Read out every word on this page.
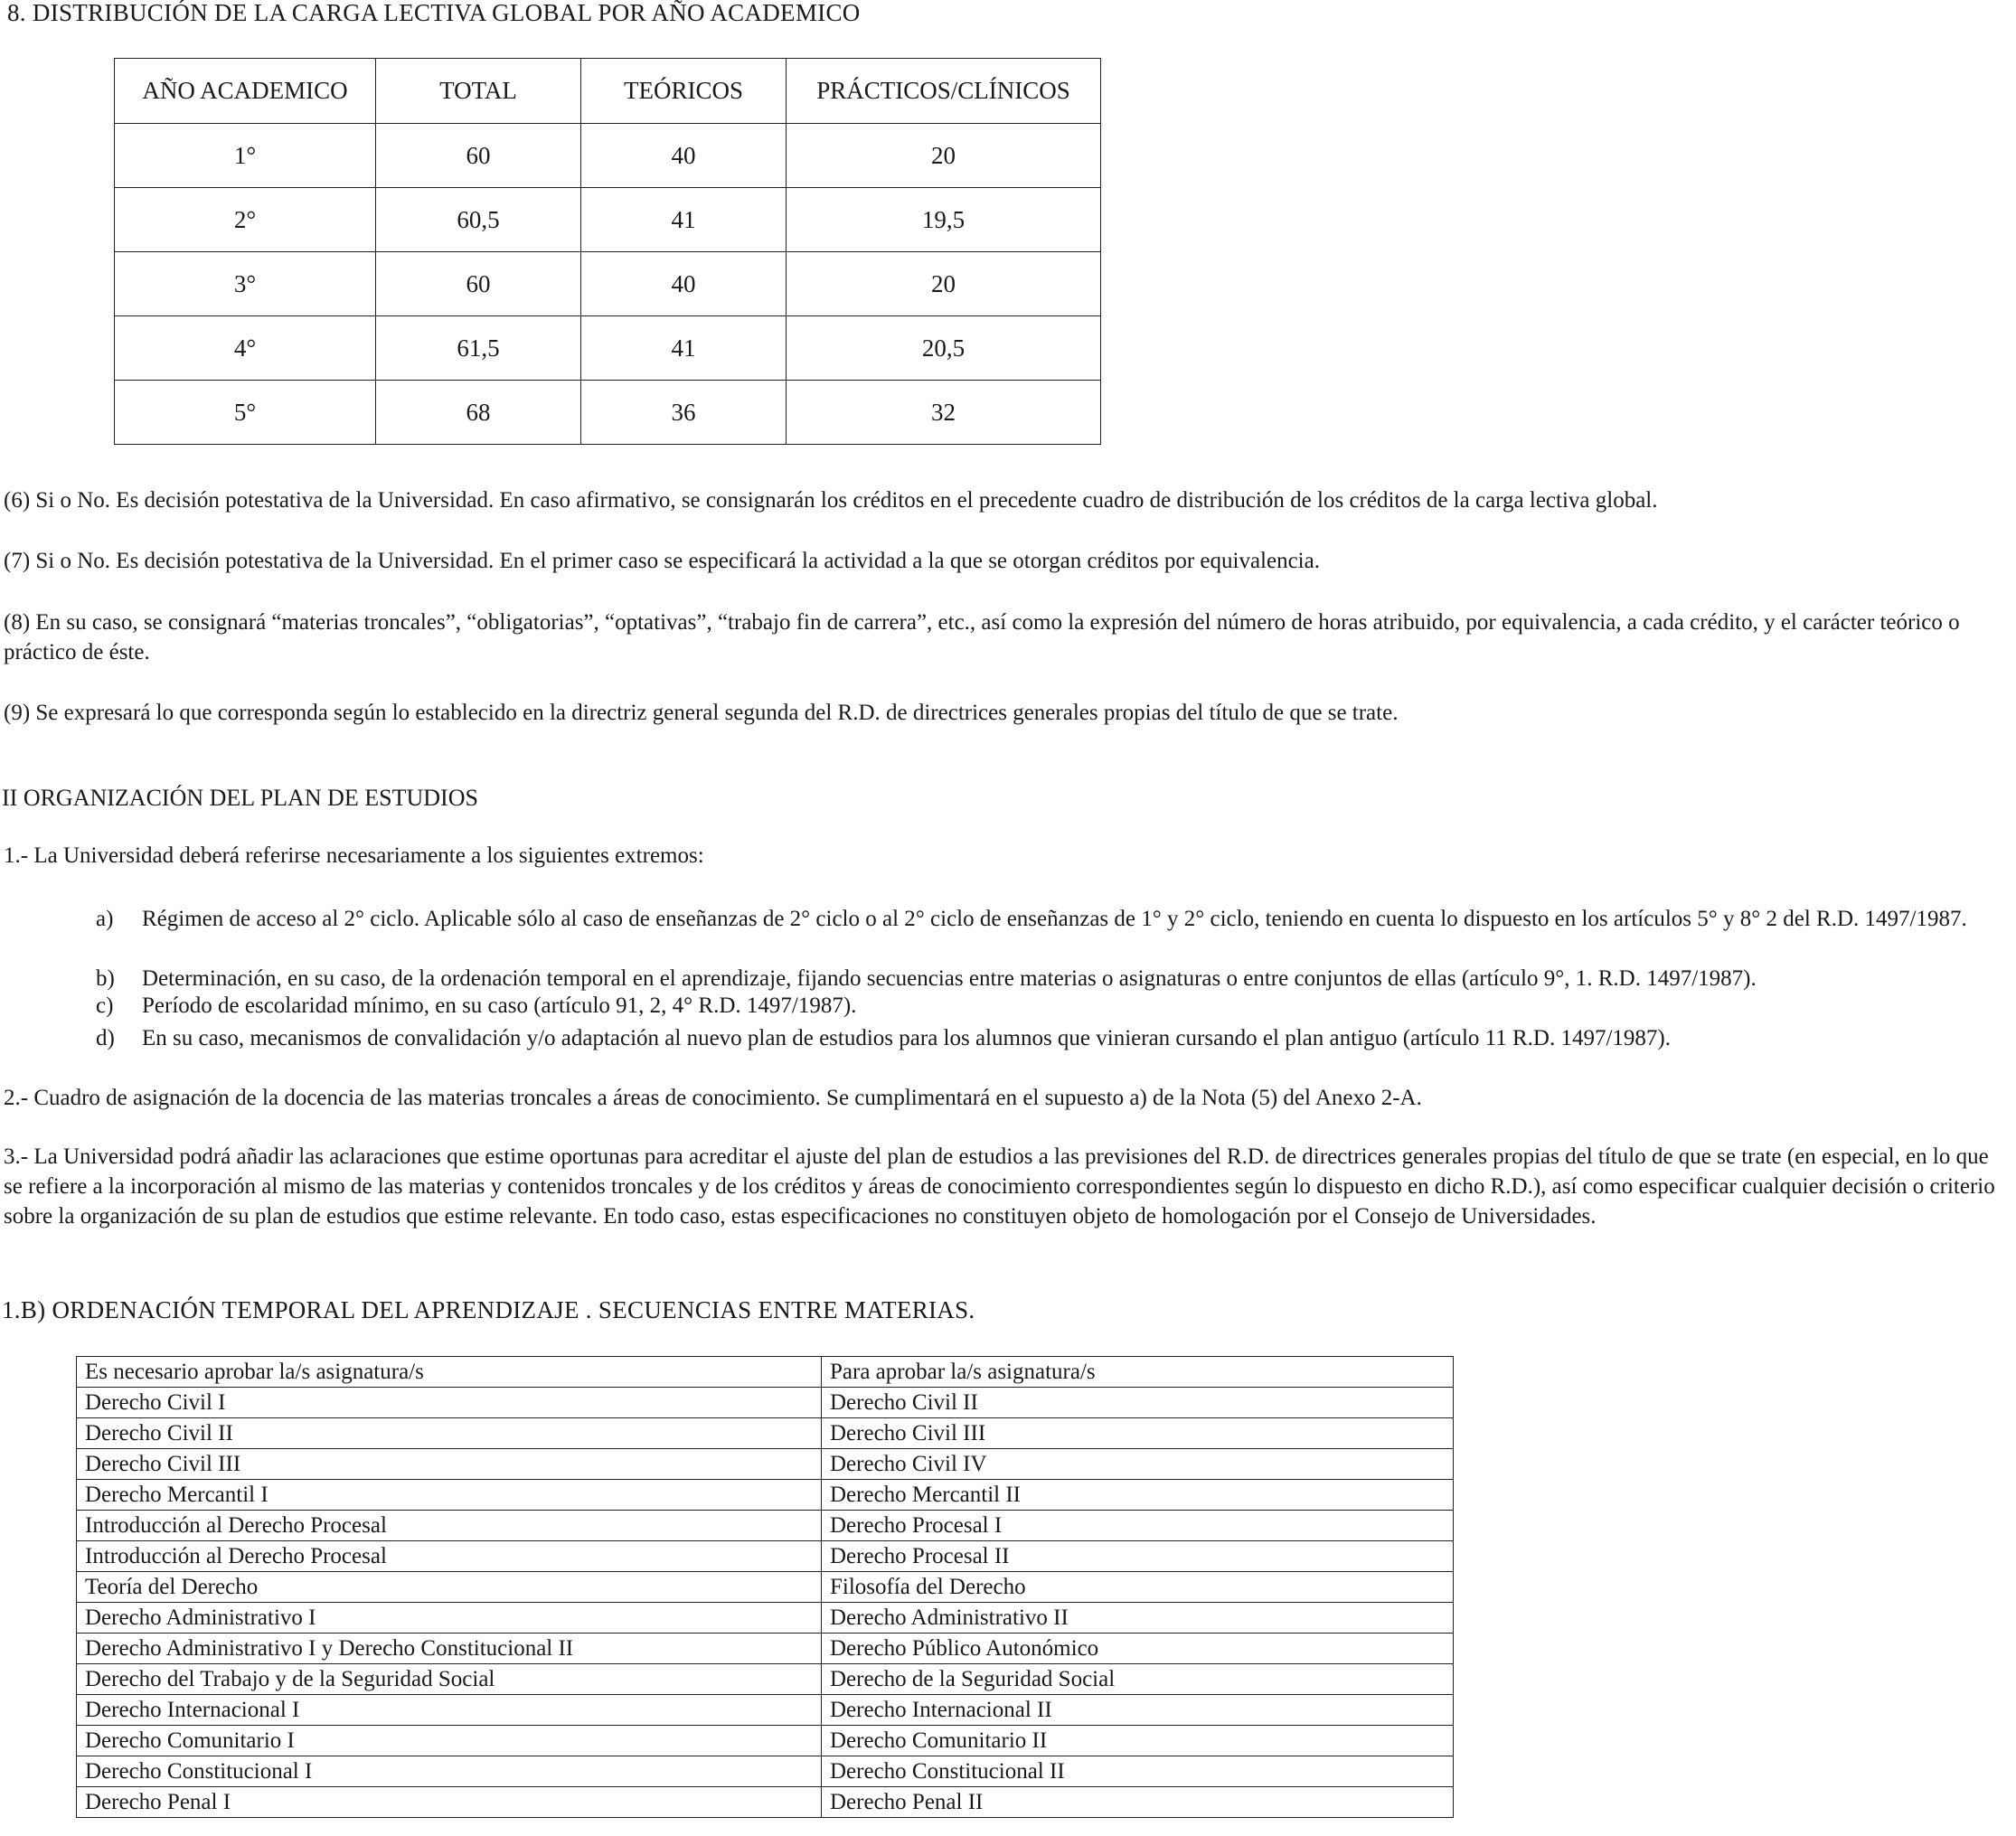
8. DISTRIBUCIÓN DE LA CARGA LECTIVA GLOBAL POR AÑO ACADEMICO
AÑO ACADEMICO	TOTAL	TEÓRICOS	PRÁCTICOS/CLÍNICOS
1°	60	40	20
2°	60,5	41	19,5
3°	60	40	20
4°	61,5	41	20,5
5°	68	36	32
(6) Si o No. Es decisión potestativa de la Universidad. En caso afirmativo, se consignarán los créditos en el precedente cuadro de distribución de los créditos de la carga lectiva global.
(7) Si o No. Es decisión potestativa de la Universidad. En el primer caso se especificará la actividad a la que se otorgan créditos por equivalencia.
(8) En su caso, se consignará “materias troncales”, “obligatorias”, “optativas”, “trabajo fin de carrera”, etc., así como la expresión del número de horas atribuido, por equivalencia, a cada crédito, y el carácter teórico o práctico de éste.
(9) Se expresará lo que corresponda según lo establecido en la directriz general segunda del R.D. de directrices generales propias del título de que se trate.
II ORGANIZACIÓN DEL PLAN DE ESTUDIOS
1.- La Universidad deberá referirse necesariamente a los siguientes extremos:
a) Régimen de acceso al 2° ciclo. Aplicable sólo al caso de enseñanzas de 2° ciclo o al 2° ciclo de enseñanzas de 1° y 2° ciclo, teniendo en cuenta lo dispuesto en los artículos 5° y 8° 2 del R.D. 1497/1987.
b) Determinación, en su caso, de la ordenación temporal en el aprendizaje, fijando secuencias entre materias o asignaturas o entre conjuntos de ellas (artículo 9°, 1. R.D. 1497/1987).
c) Período de escolaridad mínimo, en su caso (artículo 91, 2, 4° R.D. 1497/1987).
d) En su caso, mecanismos de convalidación y/o adaptación al nuevo plan de estudios para los alumnos que vinieran cursando el plan antiguo (artículo 11 R.D. 1497/1987).
2.- Cuadro de asignación de la docencia de las materias troncales a áreas de conocimiento. Se cumplimentará en el supuesto a) de la Nota (5) del Anexo 2-A.
3.- La Universidad podrá añadir las aclaraciones que estime oportunas para acreditar el ajuste del plan de estudios a las previsiones del R.D. de directrices generales propias del título de que se trate (en especial, en lo que se refiere a la incorporación al mismo de las materias y contenidos troncales y de los créditos y áreas de conocimiento correspondientes según lo dispuesto en dicho R.D.), así como especificar cualquier decisión o criterio sobre la organización de su plan de estudios que estime relevante. En todo caso, estas especificaciones no constituyen objeto de homologación por el Consejo de Universidades.
1.B) ORDENACIÓN TEMPORAL DEL APRENDIZAJE . SECUENCIAS ENTRE MATERIAS.
Es necesario aprobar la/s asignatura/s	Para aprobar la/s asignatura/s
Derecho Civil I	Derecho Civil II
Derecho Civil II	Derecho Civil III
Derecho Civil III	Derecho Civil IV
Derecho Mercantil I	Derecho Mercantil II
Introducción al Derecho Procesal	Derecho Procesal I
Introducción al Derecho Procesal	Derecho Procesal II
Teoría del Derecho	Filosofía del Derecho
Derecho Administrativo I	Derecho Administrativo II
Derecho Administrativo I y Derecho Constitucional II	Derecho Público Autonómico
Derecho del Trabajo y de la Seguridad Social	Derecho de la Seguridad Social
Derecho Internacional I	Derecho Internacional II
Derecho Comunitario I	Derecho Comunitario II
Derecho Constitucional I	Derecho Constitucional II
Derecho Penal I	Derecho Penal II
